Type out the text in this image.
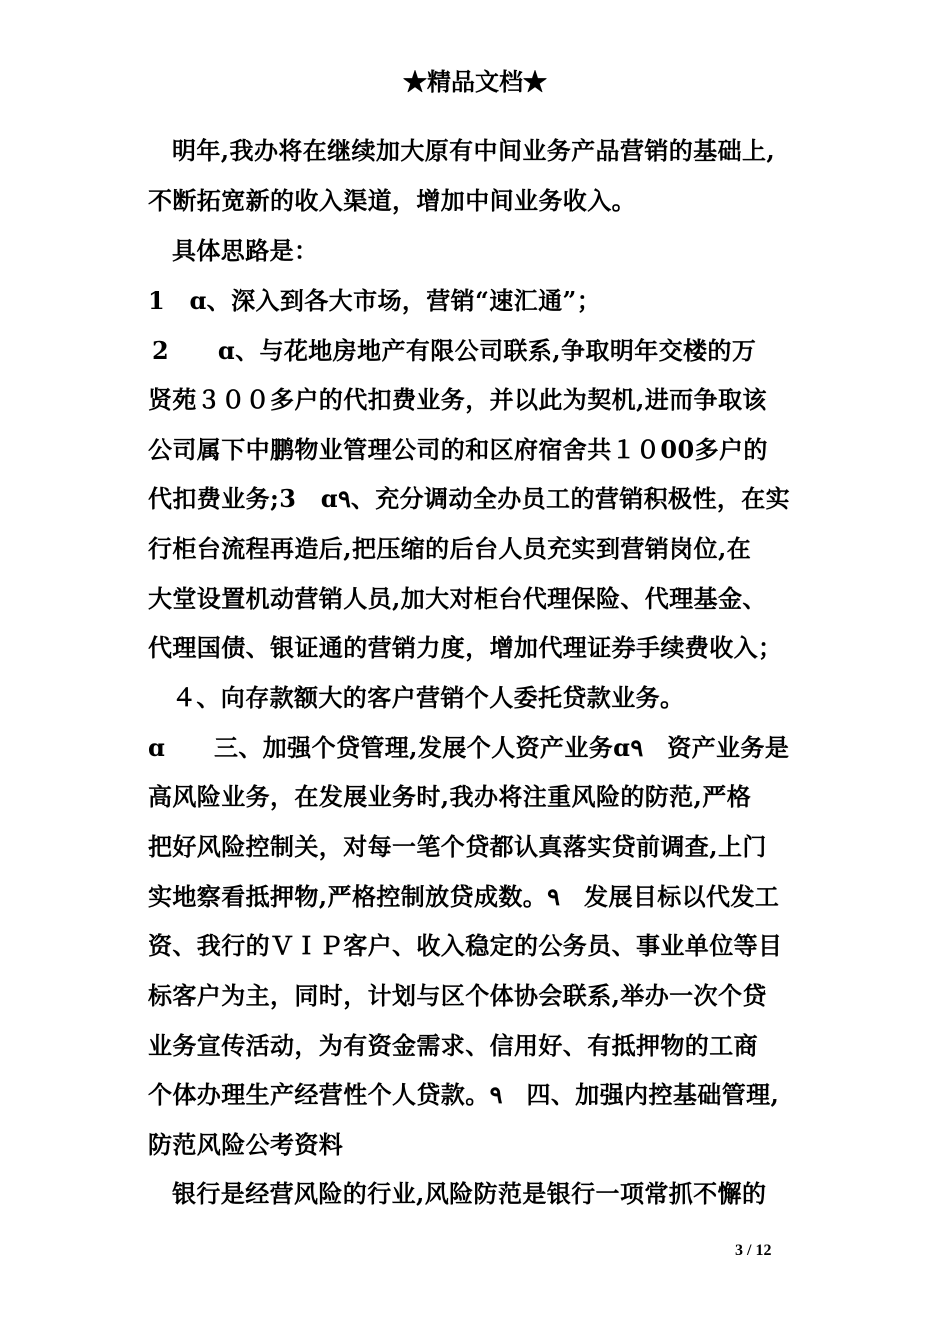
★精品文档★
明年,我办将在继续加大原有中间业务产品营销的基础上,
不断拓宽新的收入渠道，增加中间业务收入。
具体思路是：
1　ɑ、深入到各大市场，营销“速汇通”；
2　　ɑ、与花地房地产有限公司联系,争取明年交楼的万
贤苑３００多户的代扣费业务，并以此为契机,进而争取该
公司属下中鹏物业管理公司的和区府宿舍共１０00多户的
代扣费业务;3　ɑ٩、充分调动全办员工的营销积极性，在实
行柜台流程再造后,把压缩的后台人员充实到营销岗位,在
大堂设置机动营销人员,加大对柜台代理保险、代理基金、
代理国债、银证通的营销力度，增加代理证券手续费收入；
４、向存款额大的客户营销个人委托贷款业务。
ɑ　　三、加强个贷管理,发展个人资产业务ɑ٩　资产业务是
高风险业务，在发展业务时,我办将注重风险的防范,严格
把好风险控制关，对每一笔个贷都认真落实贷前调查,上门
实地察看抵押物,严格控制放贷成数。٩　发展目标以代发工
资、我行的ＶＩＰ客户、收入稳定的公务员、事业单位等目
标客户为主，同时，计划与区个体协会联系,举办一次个贷
业务宣传活动，为有资金需求、信用好、有抵押物的工商
个体办理生产经营性个人贷款。٩　四、加强内控基础管理,
防范风险公考资料
银行是经营风险的行业,风险防范是银行一项常抓不懈的
3 / 12
